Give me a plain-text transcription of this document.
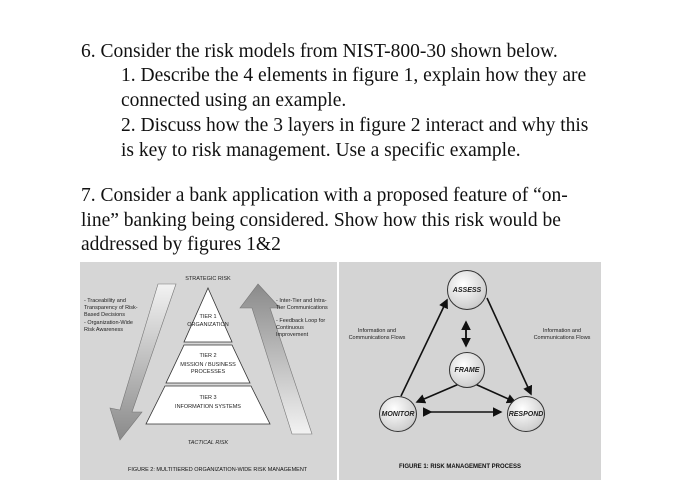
6. Consider the risk models from NIST-800-30 shown below.
1. Describe the 4 elements in figure 1, explain how they are
connected using an example.
2. Discuss how the 3 layers in figure 2 interact and why this
is key to risk management. Use a specific example.
7. Consider a bank application with a proposed feature of “on-
line” banking being considered. Show how this risk would be
addressed by figures 1&2
STRATEGIC RISK
TIER 1
ORGANIZATION
TIER 2
MISSION / BUSINESS PROCESSES
TIER 3
INFORMATION SYSTEMS
TACTICAL RISK
- Traceability and Transparency of Risk-Based Decisions
- Organization-Wide Risk Awareness
- Inter-Tier and Intra-Tier Communications
- Feedback Loop for Continuous Improvement
FIGURE 2: MULTITIERED ORGANIZATION-WIDE RISK MANAGEMENT
ASSESS
FRAME
MONITOR	RESPOND
Information and Communications Flows
Information and Communications Flows
FIGURE 1: RISK MANAGEMENT PROCESS
